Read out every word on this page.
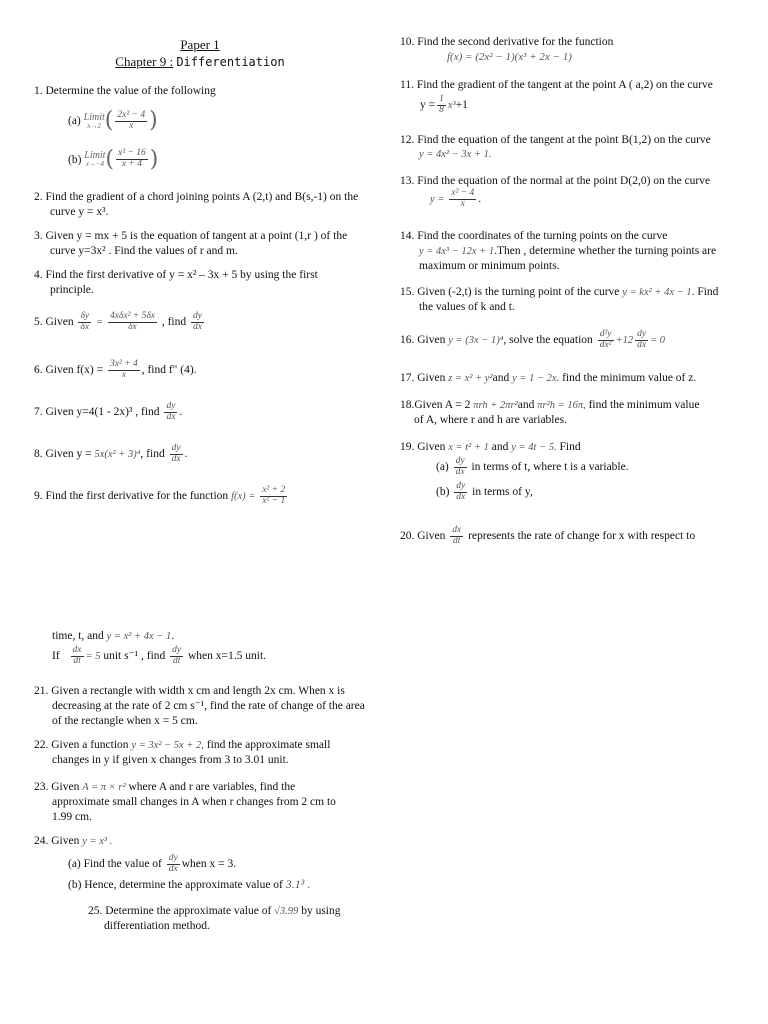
Paper 1
Chapter 9 : Differentiation
1. Determine the value of the following
(a) Limit
x→2 ( $\frac{\text{2x² − 4}}{x}$ )
(b) Limit
x→−4 ( $\frac{\text{x² − 16}}{x + 4}$ )
2. Find the gradient of a chord joining points A (2,t) and B(s,-1) on the
curve y = x³.
3. Given y = mx + 5 is the equation of tangent at a point (1,r ) of the
curve y=3x² . Find the values of r and m.
4. Find the first derivative of y = x² – 3x + 5 by using the first
principle.
5. Given $\frac{\delta y}{\delta x} = \frac{\text{4xδx² + 5δx}}{\delta x}$ , find $\frac{dy}{dx}$
6. Given $f(x) = \frac{\text{3x² + 4}}{x}$ , find f" (4).
7. Given y=4(1 - 2x)³ , find $\frac{dy}{dx}$ .
8. Given y = 5x(x² + 3)⁴, find $\frac{dy}{dx}$ .
9. Find the first derivative for the function $f(x) = \frac{\text{x² + 2}}{\text{x² − 1}}$
10. Find the second derivative for the function
f(x) = (2x² − 1)(x³ + 2x − 1)
11. Find the gradient of the tangent at the point A ( a,2) on the curve
$y = \frac{1}{8} x^3+1$
12. Find the equation of the tangent at the point B(1,2) on the curve
y = 4x² − 3x + 1.
13. Find the equation of the normal at the point D(2,0) on the curve
$y = \frac{\text{x² − 4}}{x}$ .
14. Find the coordinates of the turning points on the curve
y = 4x³ − 12x + 1.Then , determine whether the turning points are
maximum or minimum points.
15. Given (-2,t) is the turning point of the curve y = kx² + 4x − 1. Find
the values of k and t.
16. Given y = (3x − 1)⁴, solve the equation $\frac{\text{d²y}}{\text{dx²}} +12 \frac{dy}{dx} = 0$
17. Given z = x² + y²and y = 1 − 2x. find the minimum value of z.
18.Given A = 2 πrh + 2πr²and πr²h = 16π, find the minimum value
of A, where r and h are variables.
19. Given x = t² + 1 and y = 4t − 5. Find
$(a) \frac{dy}{dx}$ in terms of t, where t is a variable.
$(b) \frac{dy}{dx}$ in terms of y,
20. Given $\frac{dx}{dt}$ represents the rate of change for x with respect to
time, t, and y = x² + 4x − 1.
If $\frac{dx}{dt} = 5$ unit s⁻¹ , find $\frac{dy}{dt}$ when x=1.5 unit.
21. Given a rectangle with width x cm and length 2x cm. When x is
decreasing at the rate of 2 cm s⁻¹, find the rate of change of the area
of the rectangle when x = 5 cm.
22. Given a function y = 3x² − 5x + 2, find the approximate small
changes in y if given x changes from 3 to 3.01 unit.
23. Given A = π × r² where A and r are variables, find the
approximate small changes in A when r changes from 2 cm to
1.99 cm.
24. Given y = x³ .
(a) Find the value of $\frac{dy}{dx}$ when x = 3.
(b) Hence, determine the approximate value of 3.1³ .
25. Determine the approximate value of √3.99 by using
differentiation method.
